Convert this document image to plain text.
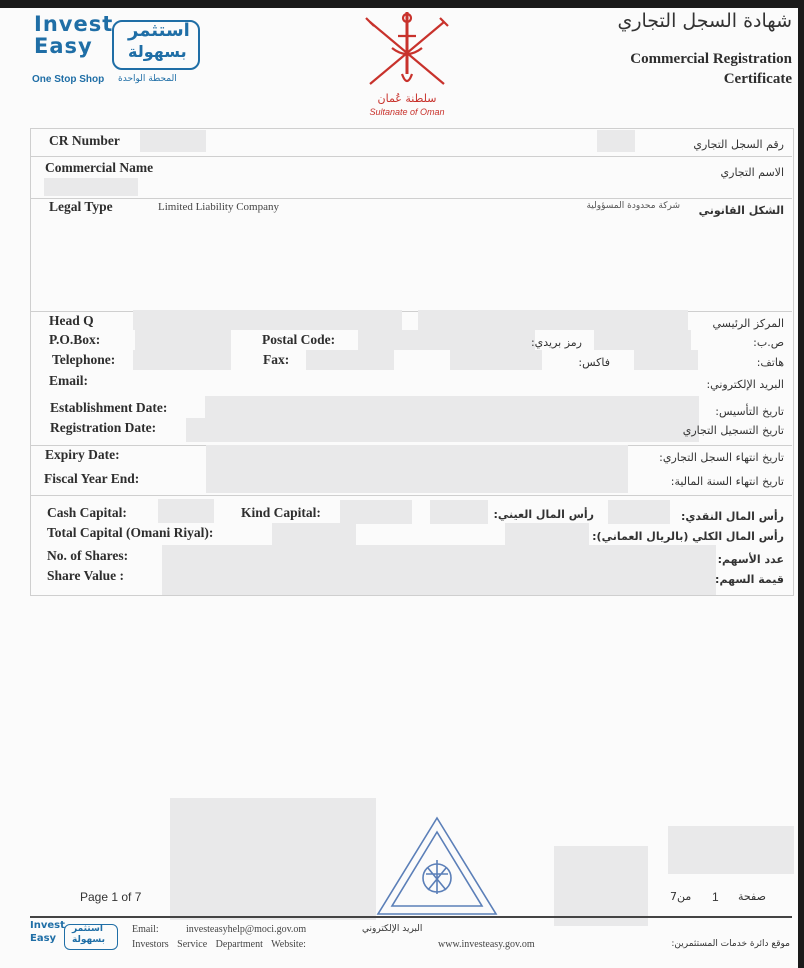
Invest
Easy
استثمر
بسهولة
One Stop Shop المحطة الواحدة
سلطنة عُمان
Sultanate of Oman
شهادة السجل التجاري
Commercial Registration
Certificate
CR Number	رقم السجل التجاري
Commercial Name	الاسم التجاري
Legal Type	Limited Liability Company	شركة محدودة المسؤولية الشكل القانوني
Head Q	المركز الرئيسي
P.O.Box:	Postal Code:	رمز بريدي:	ص.ب:
Telephone:	Fax:	فاكس:	هاتف:
Email:	البريد الإلكتروني:
Establishment Date:	تاريخ التأسيس:
Registration Date:	تاريخ التسجيل التجاري
Expiry Date:	تاريخ انتهاء السجل التجاري:
Fiscal Year End:	تاريخ انتهاء السنة المالية:
Cash Capital:	Kind Capital:	رأس المال العيني:	رأس المال النقدي:
Total Capital (Omani Riyal):	رأس المال الكلي (بالريال العماني):
No. of Shares:	عدد الأسهم:
Share Value :	قيمة السهم:
Page 1 of 7	من7 1 صفحة
Invest
Easy
استثمر
بسهولة
Email:	investeasyhelp@moci.gov.om	البريد الإلكتروني
Investors Service Department Website:	www.investeasy.gov.om	موقع دائرة خدمات المستثمرين:
